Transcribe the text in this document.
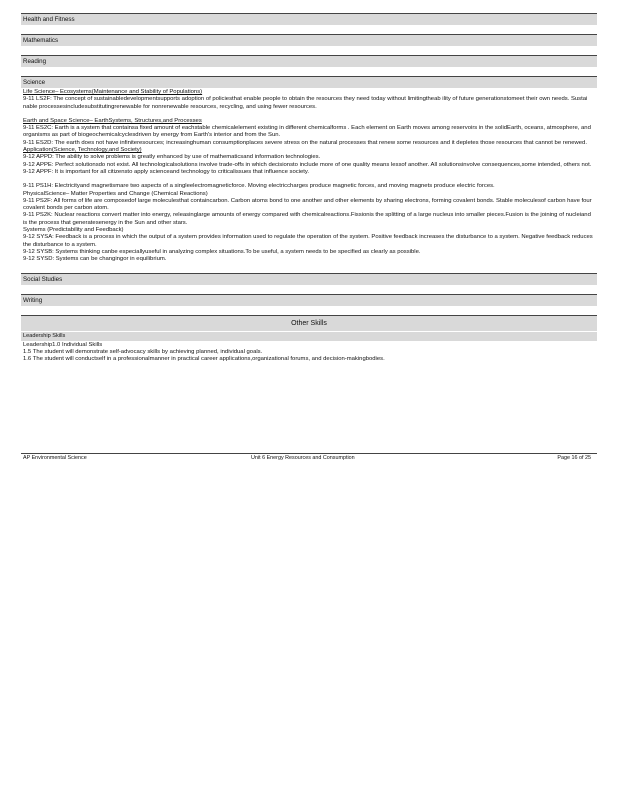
Health and Fitness
Mathematics
Reading
Science

Life Science– Ecosystems(Maintenance and Stability of Populations)

9-11 LS2F: The concept of sustainabledevelopmentsupports adoption of policiesthat enable people to obtain the resources they need today without limitingtheab ility of future generationstomeet their own needs. Sustai nable processesincludesubstitutingrenewable for nonrenewable resources, recycling, and using fewer resources.

Earth and Space Science– EarthSystems, Structures,and Processes

9-11 ES2C: Earth is a system that containsa fixed amount of eachstable chemicalelement existing in different chemicalforms . Each element on Earth moves among reservoirs in the solidEarth, oceans, atmosphere, and organisms as part of biogeochemicalcyclesdriven by energy from Earth's interior and from the Sun.

9-11 ES2D: The earth does not have infiniteresources; increasinghuman consumptionplaces severe stress on the natural processes that renew some resources and it depletes those resources that cannot be renewed.

Application(Science, Technology,and Society)

9-12 APPD: The ability to solve problems is greatly enhanced by use of mathematicsand information technologies.

9-12 APPE: Perfect solutionsdo not exist. All technologicalsolutions involve trade-offs in which decisionsto include more of one quality means lessof another. All solutionsinvolve consequences,some intended, others not.

9-12 APPF: It is important for all citizensto apply scienceand technology to criticalissues that influence society.

9-11 PS1H: Electricityand magnetismare two aspects of a singleelectromagneticforce. Moving electriccharges produce magnetic forces, and moving magnets produce electric forces.

PhysicalScience– Matter Properties and Change (Chemical Reactions)

9-11 PS2F: All forms of life are composedof large moleculesthat containcarbon. Carbon atoms bond to one another and other elements by sharing electrons, forming covalent bonds. Stable moleculesof carbon have four covalent bonds per carbon atom.

9-11 PS2K: Nuclear reactions convert matter into energy, releasinglarge amounts of energy compared with chemicalreactions.Fissionis the splitting of a large nucleus into smaller pieces.Fusion is the joining of nucleiand is the process that generatesenergy in the Sun and other stars.

Systems (Predictability and Feedback)

9-12 SYSA: Feedback is a process in which the output of a system provides information used to regulate the operation of the system. Positive feedback increases the disturbance to a system. Negative feedback reduces the disturbance to a system.

9-12 SYSB: Systems thinking canbe especiallyuseful in analyzing complex situations.To be useful, a system needs to be specified as clearly as possible.

9-12 SYSD: Systems can be changingor in equilibrium.

Social Studies
Writing
Other Skills
Leadership Skills

Leadership1.0 Individual Skills

1.5 The student will demonstrate self-advocacy skills by achieving planned, individual goals.

1.6 The student will conductself in a professionalmanner in practical career applications,organizational forums, and decision-makingbodies.

AP Environmental Science	Unit 6 Energy Resources and Consumption	Page 16 of 25
